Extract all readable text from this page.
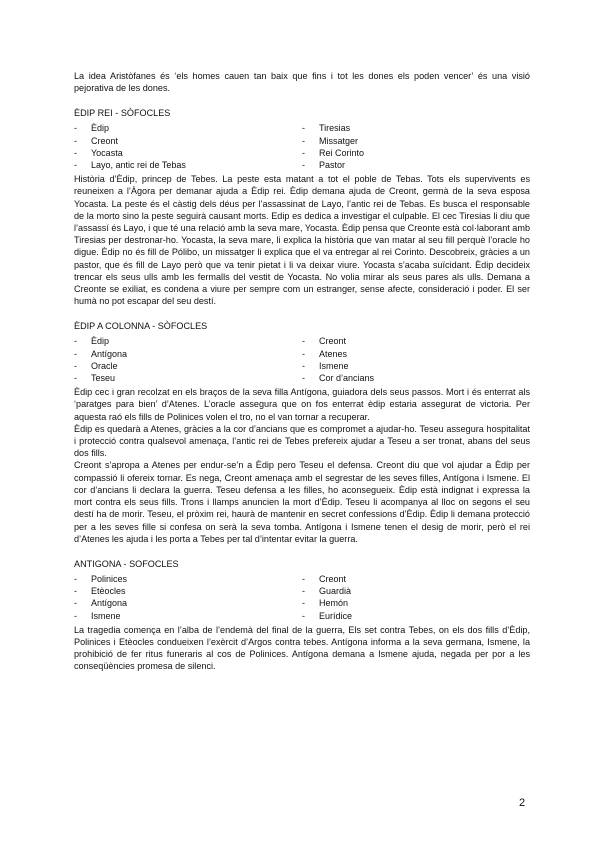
La idea Aristòfanes és ‘els homes cauen tan baix que fins i tot les dones els poden vencer’ és una visió pejorativa de les dones.

ÈDIP REI - SÒFOCLES
- Èdip
- Creont
- Yocasta
- Layo, antic rei de Tebas
- Tiresias
- Missatger
- Rei Corinto
- Pastor

Història d’Èdip, princep de Tebes. La peste esta matant a tot el poble de Tebas. Tots els supervivents es reuneixen a l’Àgora per demanar ajuda a Èdip rei. Èdip demana ajuda de Creont, germà de la seva esposa Yocasta. La peste és el càstig dels déus per l’assassinat de Layo, l’antic rei de Tebas. Es busca el responsable de la morto sino la peste seguirà causant morts. Edip es dedica a investigar el culpable. El cec Tiresias li diu que l’assassí és Layo, i que té una relació amb la seva mare, Yocasta. Èdip pensa que Creonte està col·laborant amb Tiresias per destronar-ho. Yocasta, la seva mare, li explica la història que van matar al seu fill perquè l’oracle ho digue. Èdip no és fill de Pólibo, un missatger li explica que el va entregar al rei Corinto. Descobreix, gràcies a un pastor, que és fill de Layo però que va tenir pietat i li va deixar viure. Yocasta s’acaba suïcidant. Èdip decideix trencar els seus ulls amb les fermalls del vestit de Yocasta. No volia mirar als seus pares als ulls. Demana a Creonte se exiliat, es condena a viure per sempre com un estranger, sense afecte, consideració i poder. El ser humà no pot escapar del seu destí.

ÈDIP A COLONNA - SÒFOCLES
- Èdip
- Antígona
- Oracle
- Teseu
- Creont
- Atenes
- Ismene
- Cor d’ancians

Èdip cec i gran recolzat en els braços de la seva filla Antígona, guiadora dels seus passos. Mort i és enterrat als ‘paratges para bien’ d’Atenes. L’oracle assegura que on fos enterrat èdip estaria assegurat de victoria. Per aquesta raó els fills de Polinices volen el tro, no el van tornar a recuperar.

Èdip es quedarà a Atenes, gràcies a la cor d’ancians que es compromet a ajudar-ho. Teseu assegura hospitalitat i protecció contra qualsevol amenaça, l’antic rei de Tebes prefereix ajudar a Teseu a ser tronat, abans del seus dos fills.

Creont s’apropa a Atenes per endur-se’n a Èdip pero Teseu el defensa. Creont diu que vol ajudar a Èdip per compassió li ofereix tornar. Es nega, Creont amenaça amb el segrestar de les seves filles, Antígona i Ismene. El cor d’ancians li declara la guerra. Teseu defensa a les filles, ho aconsegueix. Èdip està indignat i expressa la mort contra els seus fills. Trons i llamps anuncien la mort d’Èdip. Teseu li acompanya al lloc on segons el seu destí ha de morir. Teseu, el pròxim rei, haurà de mantenir en secret confessions d’Èdip. Èdip li demana protecció per a les seves fille si confesa on serà la seva tomba. Antígona i Ismene tenen el desig de morir, però el rei d’Atenes les ajuda i les porta a Tebes per tal d’intentar evitar la guerra.

ANTIGONA - SOFOCLES
- Polinices
- Etèocles
- Antígona
- Ismene
- Creont
- Guardià
- Hemón
- Eurídice

La tragedia comença en l’alba de l’endemà del final de la guerra, Els set contra Tebes, on els dos fills d’Èdip, Polinices i Etèocles condueixen l’exèrcit d’Argos contra tebes. Antígona informa a la seva germana, Ismene, la prohibició de fer ritus funeraris al cos de Polinices. Antígona demana a Ismene ajuda, negada per por a les conseqüències promesa de silenci.

2
